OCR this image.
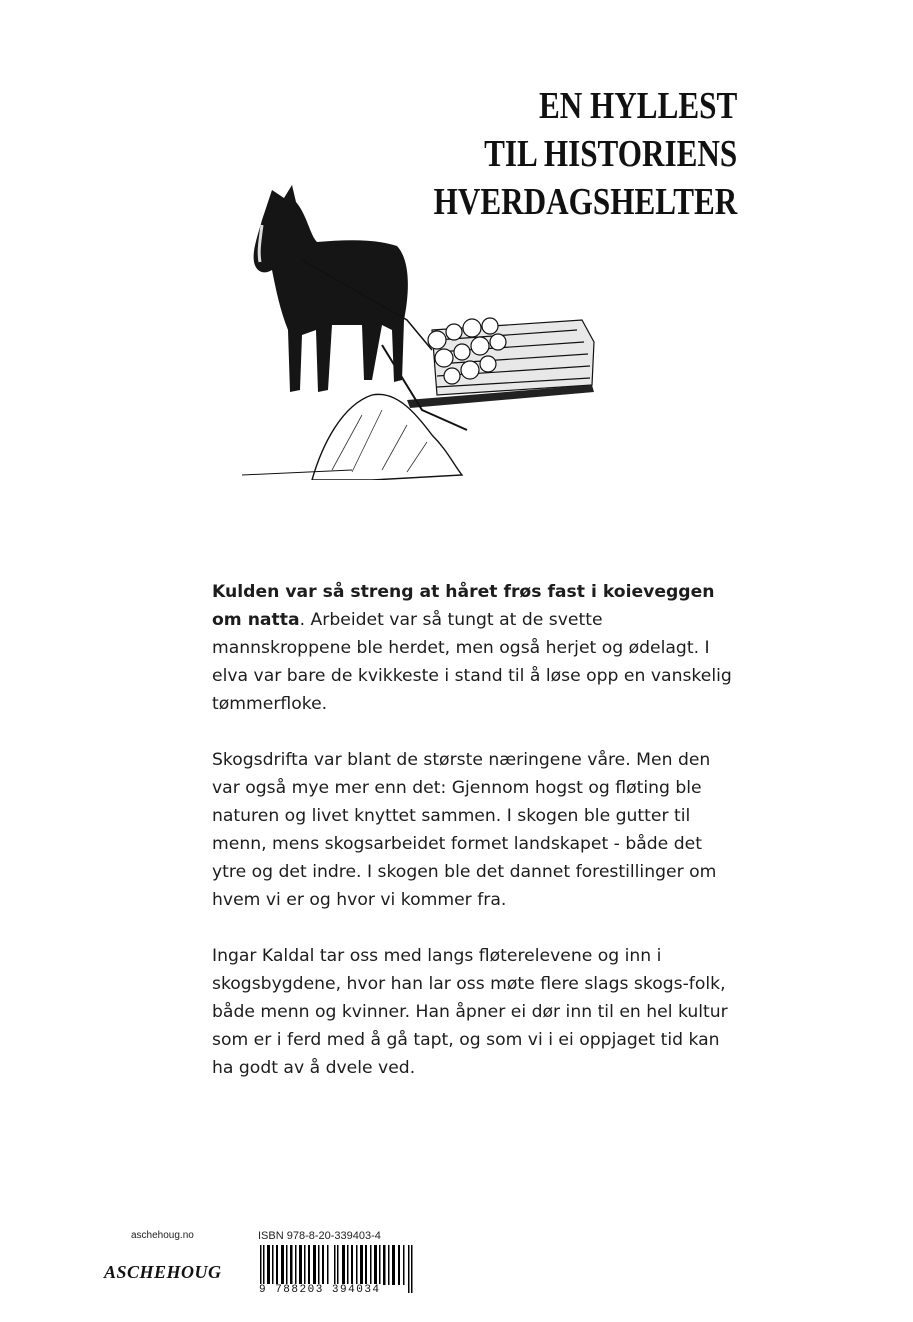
EN HYLLEST
TIL HISTORIENS
HVERDAGSHELTER

Kulden var så streng at håret frøs fast i koieveggen om natta. Arbeidet var så tungt at de svette mannskroppene ble herdet, men også herjet og ødelagt. I elva var bare de kvikkeste i stand til å løse opp en vanskelig tømmerfloke.

Skogsdrifta var blant de største næringene våre. Men den var også mye mer enn det: Gjennom hogst og fløting ble naturen og livet knyttet sammen. I skogen ble gutter til menn, mens skogsarbeidet formet landskapet - både det ytre og det indre. I skogen ble det dannet forestillinger om hvem vi er og hvor vi kommer fra.

Ingar Kaldal tar oss med langs fløterelevene og inn i skogsbygdene, hvor han lar oss møte flere slags skogs-folk, både menn og kvinner. Han åpner ei dør inn til en hel kultur som er i ferd med å gå tapt, og som vi i ei oppjaget tid kan ha godt av å dvele ved.

aschehoug.no
ASCHEHOUG
ISBN 978-8-20-339403-4
9 788203 394034
